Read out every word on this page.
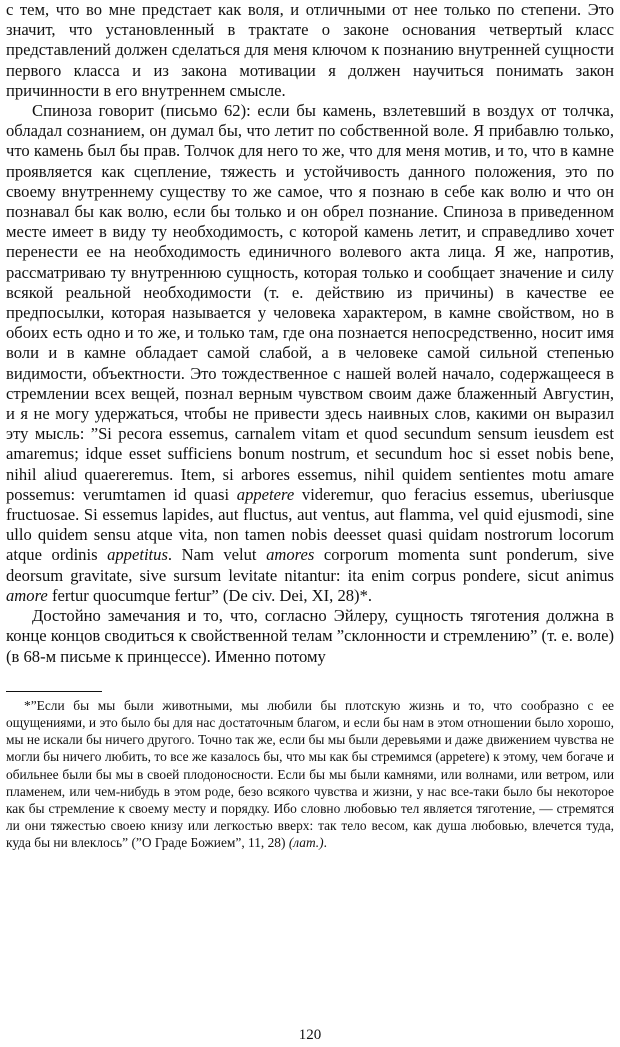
с тем, что во мне предстает как воля, и отличными от нее только по степени. Это значит, что установленный в трактате о законе основания четвертый класс представлений должен сделаться для меня ключом к познанию внутренней сущности первого класса и из закона мотивации я должен научиться понимать закон причинности в его внутреннем смысле.

Спиноза говорит (письмо 62): если бы камень, взлетевший в воздух от толчка, обладал сознанием, он думал бы, что летит по собственной воле. Я прибавлю только, что камень был бы прав. Толчок для него то же, что для меня мотив, и то, что в камне проявляется как сцепление, тяжесть и устойчивость данного положения, это по своему внутреннему существу то же самое, что я познаю в себе как волю и что он познавал бы как волю, если бы только и он обрел познание. Спиноза в приведенном месте имеет в виду ту необходимость, с которой камень летит, и справедливо хочет перенести ее на необходимость единичного волевого акта лица. Я же, напротив, рассматриваю ту внутреннюю сущность, которая только и сообщает значение и силу всякой реальной необходимости (т. е. действию из причины) в качестве ее предпосылки, которая называется у человека характером, в камне свойством, но в обоих есть одно и то же, и только там, где она познается непосредственно, носит имя воли и в камне обладает самой слабой, а в человеке самой сильной степенью видимости, объектности. Это тождественное с нашей волей начало, содержащееся в стремлении всех вещей, познал верным чувством своим даже блаженный Августин, и я не могу удержаться, чтобы не привести здесь наивных слов, какими он выразил эту мысль: ”Si pecora essemus, carnalem vitam et quod secundum sensum ieusdem est amaremus; idque esset sufficiens bonum nostrum, et secundum hoc si esset nobis bene, nihil aliud quaereremus. Item, si arbores essemus, nihil quidem sentientes motu amare possemus: verumtamen id quasi appetere videremur, quo feracius essemus, uberiusque fructuosae. Si essemus lapides, aut fluctus, aut ventus, aut flamma, vel quid ejusmodi, sine ullo quidem sensu atque vita, non tamen nobis deesset quasi quidam nostrorum locorum atque ordinis appetitus. Nam velut amores corporum momenta sunt ponderum, sive deorsum gravitate, sive sursum levitate nitantur: ita enim corpus pondere, sicut animus amore fertur quocumque fertur” (De civ. Dei, XI, 28)*.

Достойно замечания и то, что, согласно Эйлеру, сущность тяготения должна в конце концов сводиться к свойственной телам ”склонности и стремлению” (т. е. воле) (в 68-м письме к принцессе). Именно потому

*”Если бы мы были животными, мы любили бы плотскую жизнь и то, что сообразно с ее ощущениями, и это было бы для нас достаточным благом, и если бы нам в этом отношении было хорошо, мы не искали бы ничего другого. Точно так же, если бы мы были деревьями и даже движением чувства не могли бы ничего любить, то все же казалось бы, что мы как бы стремимся (appetere) к этому, чем богаче и обильнее были бы мы в своей плодоносности. Если бы мы были камнями, или волнами, или ветром, или пламенем, или чем-нибудь в этом роде, безо всякого чувства и жизни, у нас все-таки было бы некоторое как бы стремление к своему месту и порядку. Ибо словно любовью тел является тяготение, — стремятся ли они тяжестью своею книзу или легкостью вверх: так тело весом, как душа любовью, влечется туда, куда бы ни влеклось” (”О Граде Божием”, 11, 28) (лат.).

120
